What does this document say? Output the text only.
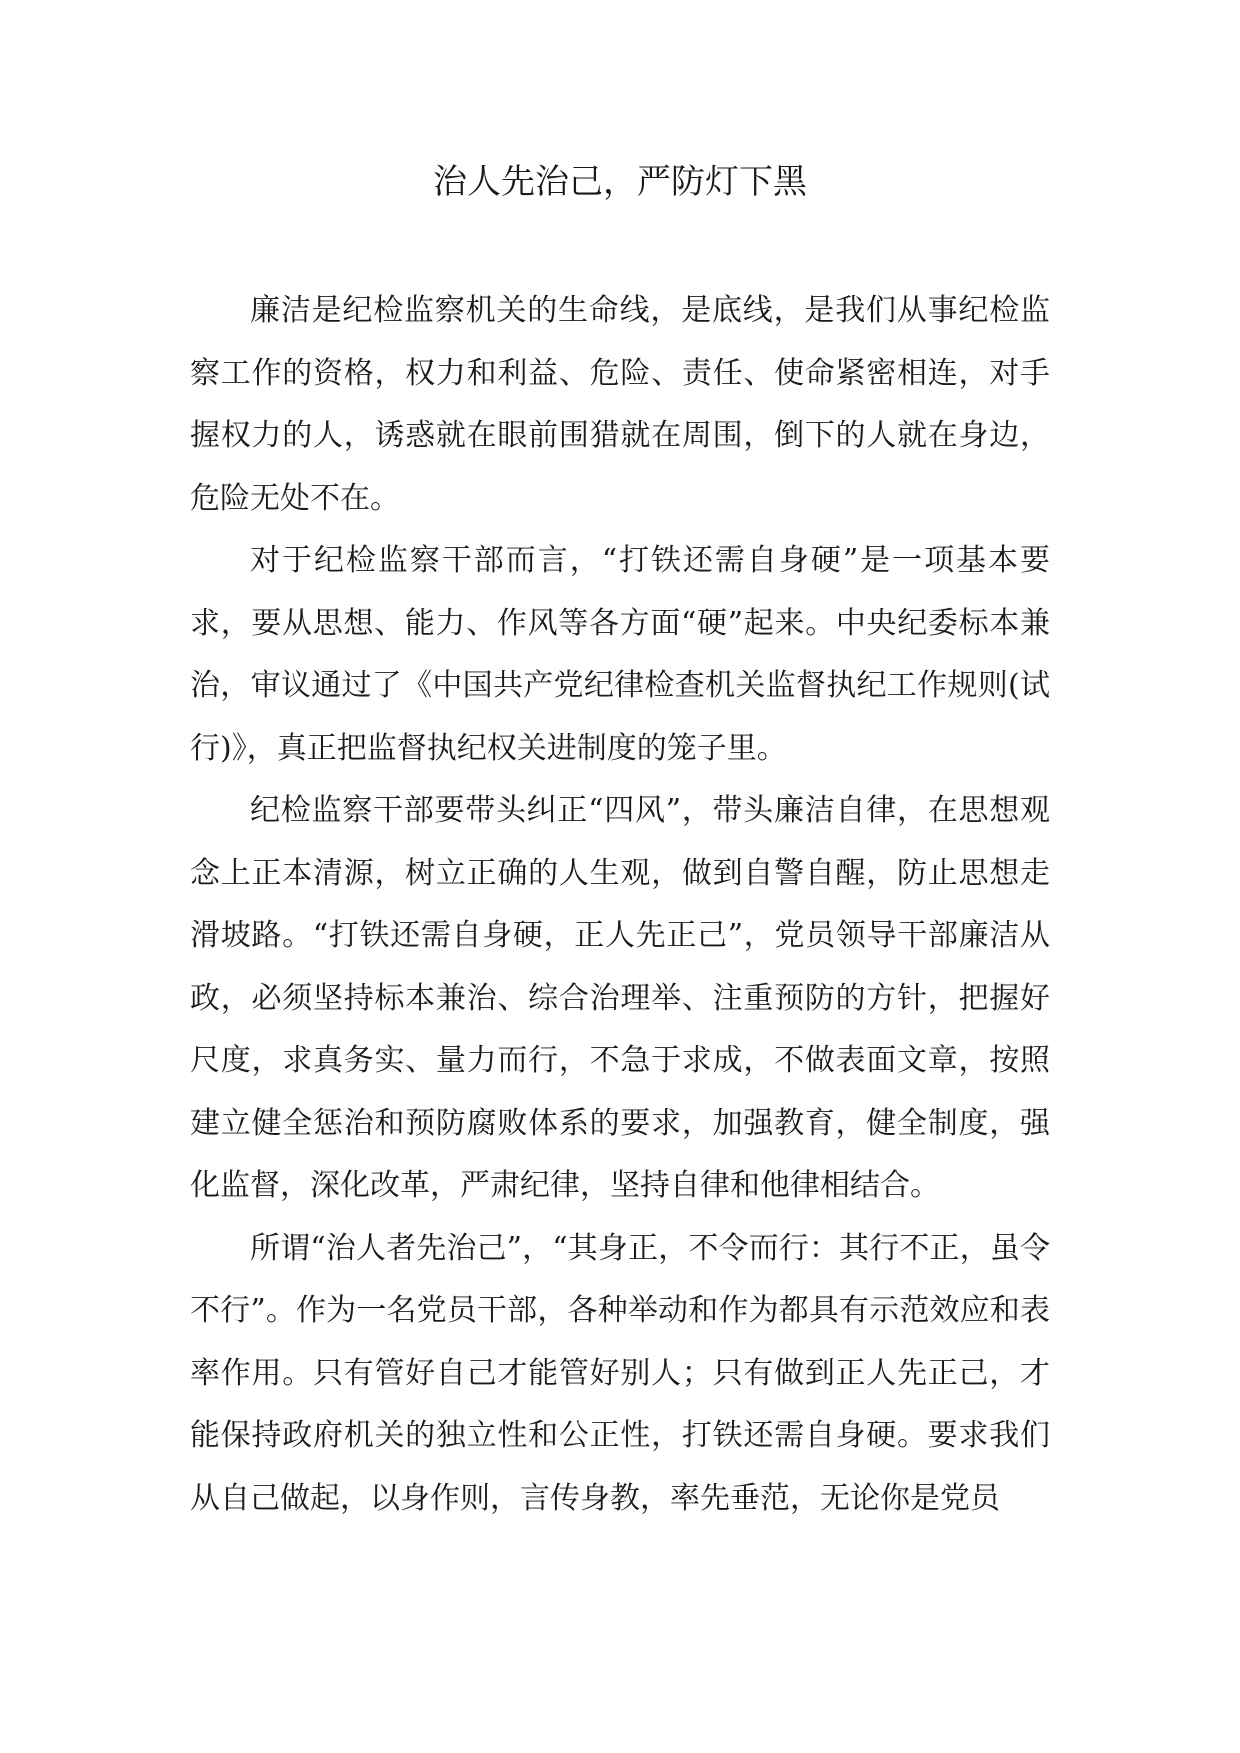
治人先治己，严防灯下黑

廉洁是纪检监察机关的生命线，是底线，是我们从事纪检监察工作的资格，权力和利益、危险、责任、使命紧密相连，对手握权力的人，诱惑就在眼前围猎就在周围，倒下的人就在身边，危险无处不在。

对于纪检监察干部而言，“打铁还需自身硬”是一项基本要求，要从思想、能力、作风等各方面“硬”起来。中央纪委标本兼治，审议通过了《中国共产党纪律检查机关监督执纪工作规则(试行)》，真正把监督执纪权关进制度的笼子里。

纪检监察干部要带头纠正“四风”，带头廉洁自律，在思想观念上正本清源，树立正确的人生观，做到自警自醒，防止思想走滑坡路。“打铁还需自身硬，正人先正己”，党员领导干部廉洁从政，必须坚持标本兼治、综合治理举、注重预防的方针，把握好尺度，求真务实、量力而行，不急于求成，不做表面文章，按照建立健全惩治和预防腐败体系的要求，加强教育，健全制度，强化监督，深化改革，严肃纪律，坚持自律和他律相结合。

所谓“治人者先治己”，“其身正，不令而行：其行不正，虽令不行”。作为一名党员干部，各种举动和作为都具有示范效应和表率作用。只有管好自己才能管好别人；只有做到正人先正己，才能保持政府机关的独立性和公正性，打铁还需自身硬。要求我们从自己做起，以身作则，言传身教，率先垂范，无论你是党员
